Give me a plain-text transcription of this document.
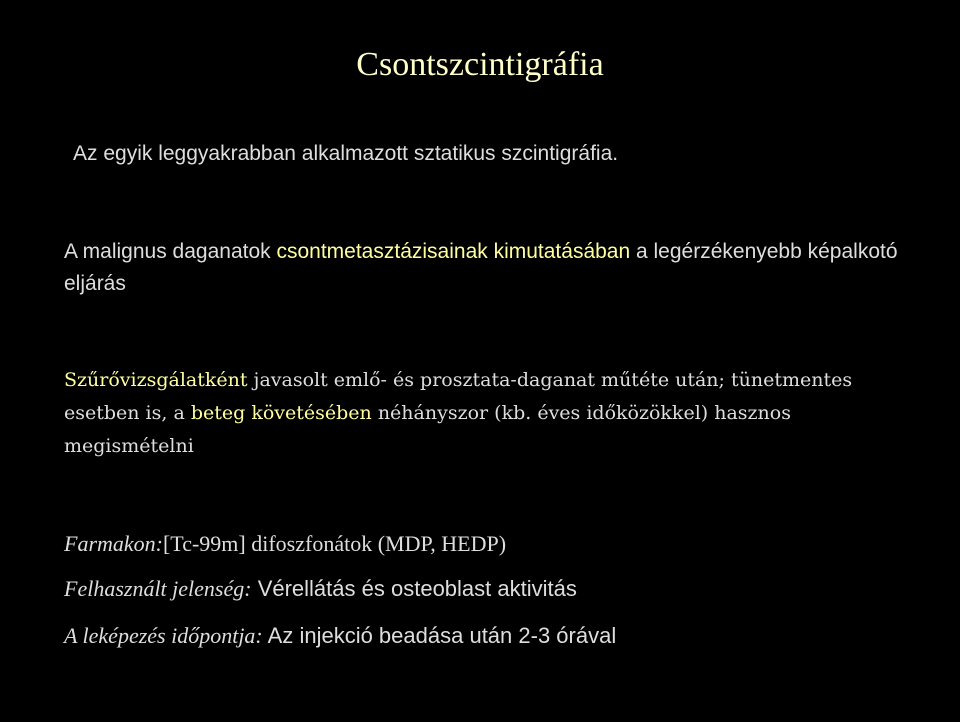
Csontszcintigráfia

Az egyik leggyakrabban alkalmazott sztatikus szcintigráfia.

A malignus daganatok csontmetasztázisainak kimutatásában a legérzékenyebb képalkotó eljárás

Szűrővizsgálatként javasolt emlő- és prosztata-daganat műtéte után; tünetmentes esetben is, a beteg követésében néhányszor (kb. éves időközökkel) hasznos megismételni

Farmakon:[Tc-99m] difoszfonátok (MDP, HEDP)

Felhasznált jelenség: Vérellátás és osteoblast aktivitás

A leképezés időpontja: Az injekció beadása után 2-3 órával
